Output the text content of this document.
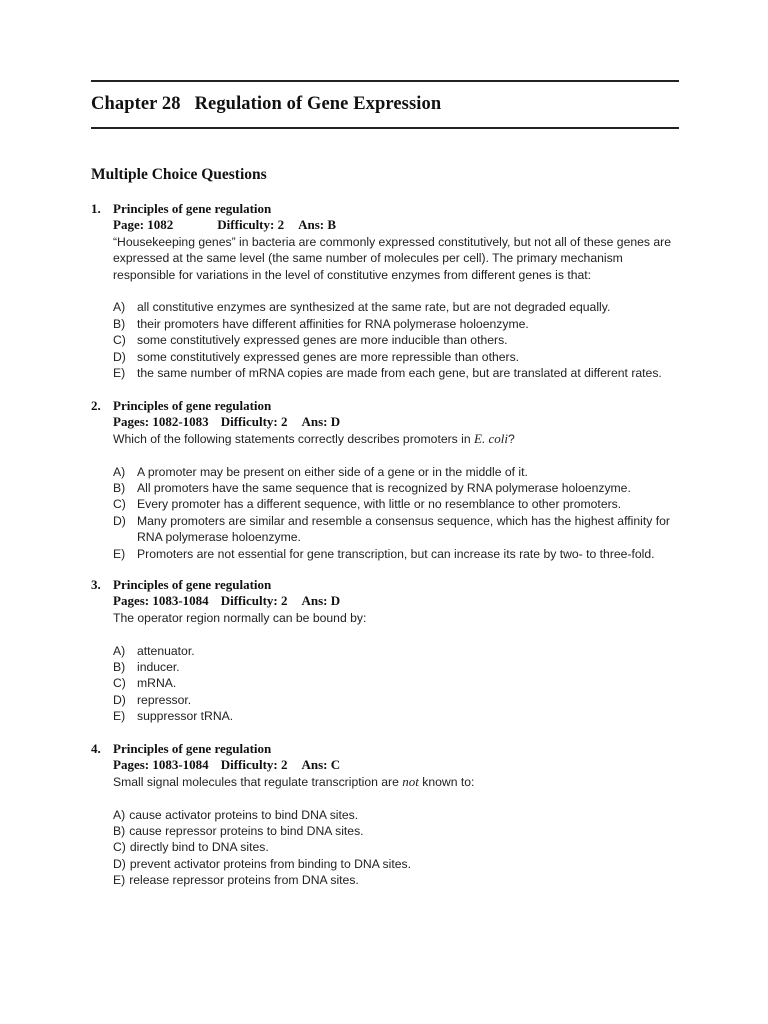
Chapter 28 Regulation of Gene Expression
Multiple Choice Questions
1. Principles of gene regulation
Page: 1082	Difficulty: 2 Ans: B
“Housekeeping genes” in bacteria are commonly expressed constitutively, but not all of these genes are expressed at the same level (the same number of molecules per cell). The primary mechanism responsible for variations in the level of constitutive enzymes from different genes is that:
A) all constitutive enzymes are synthesized at the same rate, but are not degraded equally.
B) their promoters have different affinities for RNA polymerase holoenzyme.
C) some constitutively expressed genes are more inducible than others.
D) some constitutively expressed genes are more repressible than others.
E) the same number of mRNA copies are made from each gene, but are translated at different rates.
2. Principles of gene regulation
Pages: 1082-1083 Difficulty: 2 Ans: D
Which of the following statements correctly describes promoters in E. coli?
A) A promoter may be present on either side of a gene or in the middle of it.
B) All promoters have the same sequence that is recognized by RNA polymerase holoenzyme.
C) Every promoter has a different sequence, with little or no resemblance to other promoters.
D) Many promoters are similar and resemble a consensus sequence, which has the highest affinity for RNA polymerase holoenzyme.
E) Promoters are not essential for gene transcription, but can increase its rate by two- to three-fold.
3. Principles of gene regulation
Pages: 1083-1084 Difficulty: 2 Ans: D
The operator region normally can be bound by:
A) attenuator.
B) inducer.
C) mRNA.
D) repressor.
E) suppressor tRNA.
4. Principles of gene regulation
Pages: 1083-1084 Difficulty: 2 Ans: C
Small signal molecules that regulate transcription are not known to:
A) cause activator proteins to bind DNA sites.
B) cause repressor proteins to bind DNA sites.
C) directly bind to DNA sites.
D) prevent activator proteins from binding to DNA sites.
E) release repressor proteins from DNA sites.
